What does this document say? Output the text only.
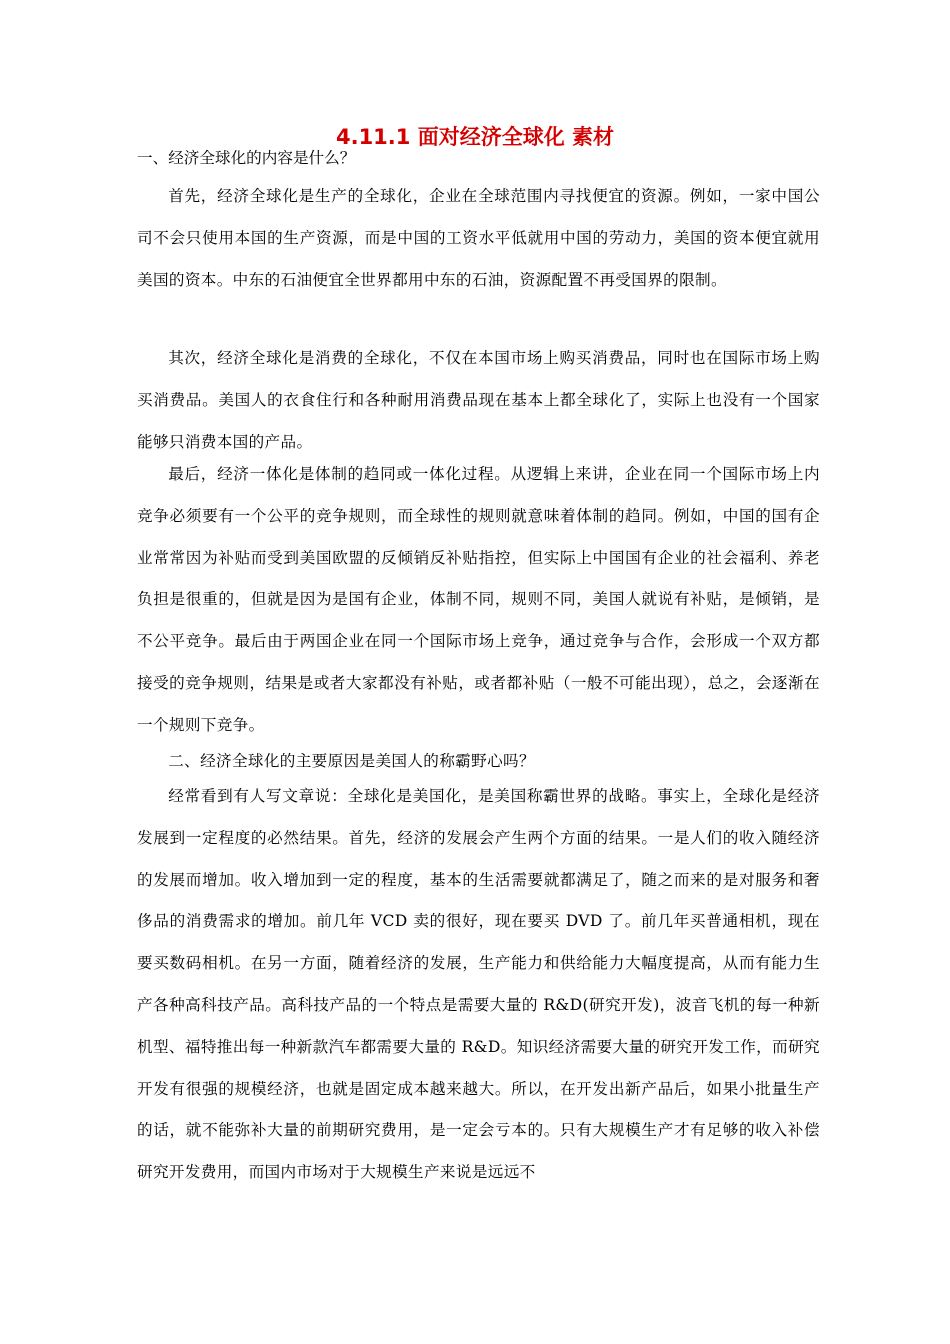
4.11.1 面对经济全球化 素材
一、经济全球化的内容是什么？

首先，经济全球化是生产的全球化，企业在全球范围内寻找便宜的资源。例如，一家中国公司不会只使用本国的生产资源，而是中国的工资水平低就用中国的劳动力，美国的资本便宜就用美国的资本。中东的石油便宜全世界都用中东的石油，资源配置不再受国界的限制。

其次，经济全球化是消费的全球化，不仅在本国市场上购买消费品，同时也在国际市场上购买消费品。美国人的衣食住行和各种耐用消费品现在基本上都全球化了，实际上也没有一个国家能够只消费本国的产品。

最后，经济一体化是体制的趋同或一体化过程。从逻辑上来讲，企业在同一个国际市场上内竞争必须要有一个公平的竞争规则，而全球性的规则就意味着体制的趋同。例如，中国的国有企业常常因为补贴而受到美国欧盟的反倾销反补贴指控，但实际上中国国有企业的社会福利、养老负担是很重的，但就是因为是国有企业，体制不同，规则不同，美国人就说有补贴，是倾销，是不公平竞争。最后由于两国企业在同一个国际市场上竞争，通过竞争与合作，会形成一个双方都接受的竞争规则，结果是或者大家都没有补贴，或者都补贴（一般不可能出现），总之，会逐渐在一个规则下竞争。

二、经济全球化的主要原因是美国人的称霸野心吗？

经常看到有人写文章说：全球化是美国化，是美国称霸世界的战略。事实上，全球化是经济发展到一定程度的必然结果。首先，经济的发展会产生两个方面的结果。一是人们的收入随经济的发展而增加。收入增加到一定的程度，基本的生活需要就都满足了，随之而来的是对服务和奢侈品的消费需求的增加。前几年 VCD 卖的很好，现在要买 DVD 了。前几年买普通相机，现在要买数码相机。在另一方面，随着经济的发展，生产能力和供给能力大幅度提高，从而有能力生产各种高科技产品。高科技产品的一个特点是需要大量的 R&D(研究开发)，波音飞机的每一种新机型、福特推出每一种新款汽车都需要大量的 R&D。知识经济需要大量的研究开发工作，而研究开发有很强的规模经济，也就是固定成本越来越大。所以，在开发出新产品后，如果小批量生产的话，就不能弥补大量的前期研究费用，是一定会亏本的。只有大规模生产才有足够的收入补偿研究开发费用，而国内市场对于大规模生产来说是远远不
